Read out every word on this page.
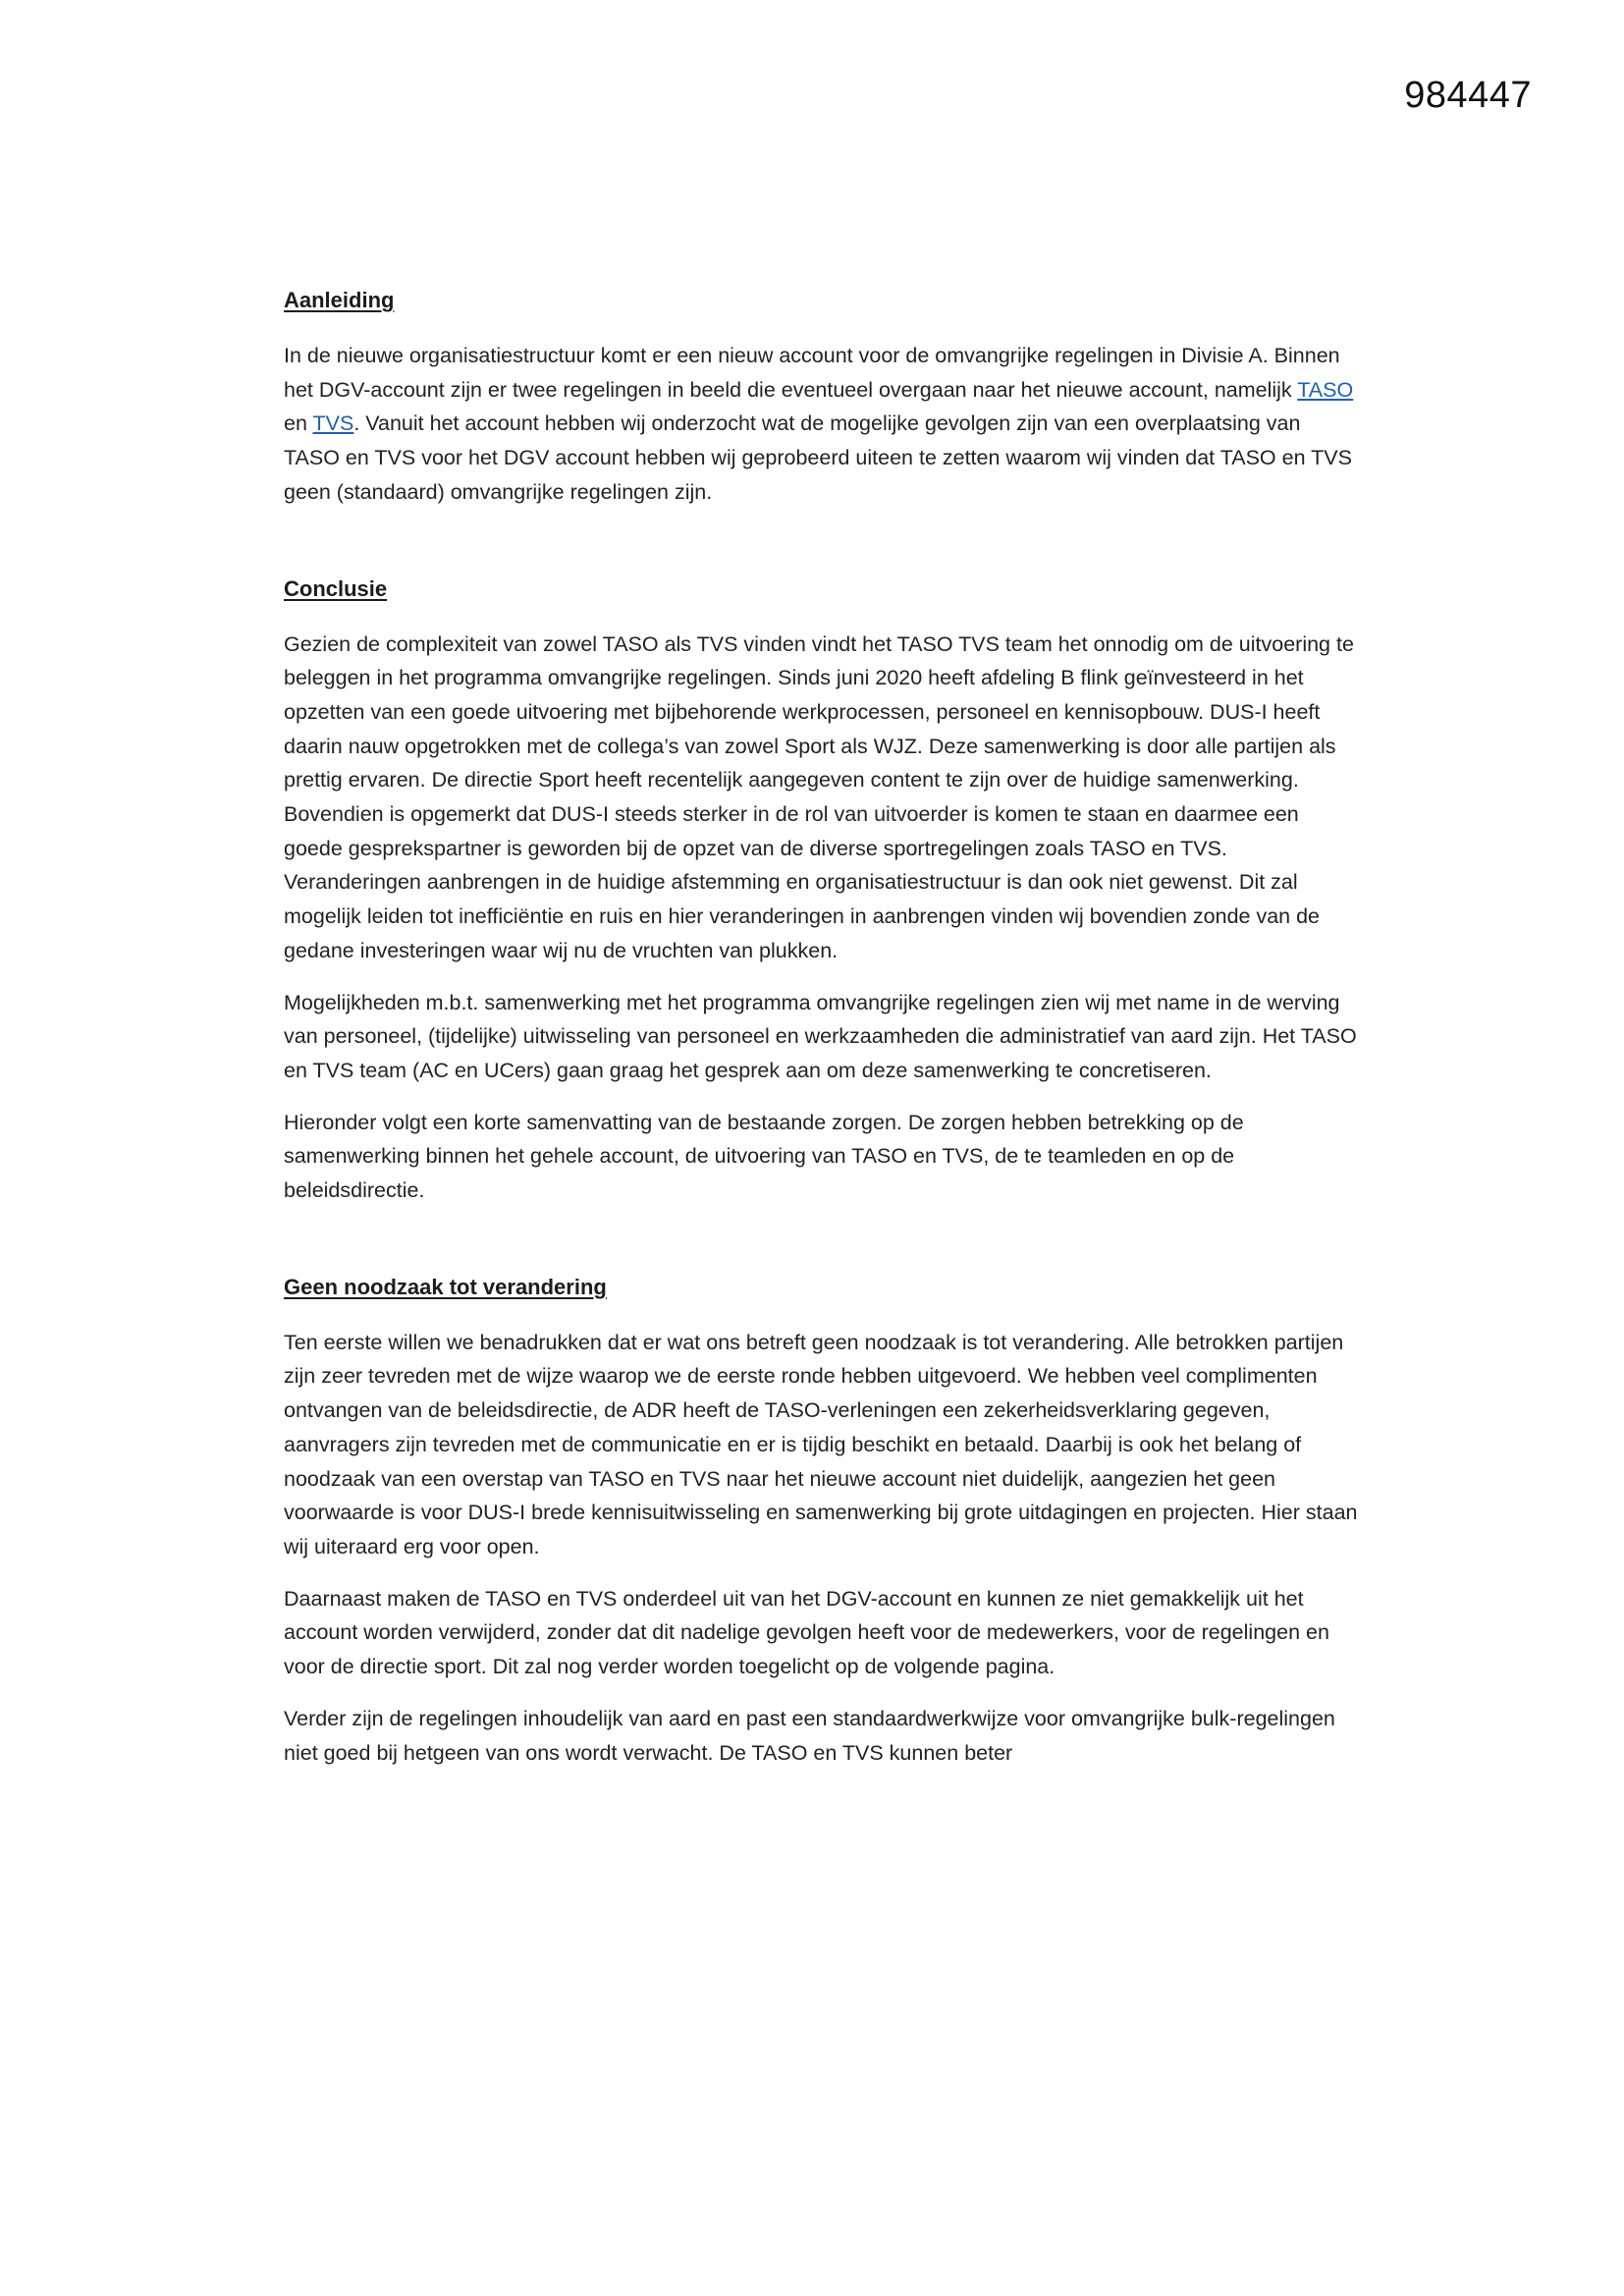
984447
Aanleiding

In de nieuwe organisatiestructuur komt er een nieuw account voor de omvangrijke regelingen in Divisie A. Binnen het DGV-account zijn er twee regelingen in beeld die eventueel overgaan naar het nieuwe account, namelijk TASO en TVS. Vanuit het account hebben wij onderzocht wat de mogelijke gevolgen zijn van een overplaatsing van TASO en TVS voor het DGV account hebben wij geprobeerd uiteen te zetten waarom wij vinden dat TASO en TVS geen (standaard) omvangrijke regelingen zijn.

Conclusie

Gezien de complexiteit van zowel TASO als TVS vinden vindt het TASO TVS team het onnodig om de uitvoering te beleggen in het programma omvangrijke regelingen. Sinds juni 2020 heeft afdeling B flink geïnvesteerd in het opzetten van een goede uitvoering met bijbehorende werkprocessen, personeel en kennisopbouw. DUS-I heeft daarin nauw opgetrokken met de collega’s van zowel Sport als WJZ. Deze samenwerking is door alle partijen als prettig ervaren. De directie Sport heeft recentelijk aangegeven content te zijn over de huidige samenwerking. Bovendien is opgemerkt dat DUS-I steeds sterker in de rol van uitvoerder is komen te staan en daarmee een goede gesprekspartner is geworden bij de opzet van de diverse sportregelingen zoals TASO en TVS. Veranderingen aanbrengen in de huidige afstemming en organisatiestructuur is dan ook niet gewenst. Dit zal mogelijk leiden tot inefficiëntie en ruis en hier veranderingen in aanbrengen vinden wij bovendien zonde van de gedane investeringen waar wij nu de vruchten van plukken.

Mogelijkheden m.b.t. samenwerking met het programma omvangrijke regelingen zien wij met name in de werving van personeel, (tijdelijke) uitwisseling van personeel en werkzaamheden die administratief van aard zijn. Het TASO en TVS team (AC en UCers) gaan graag het gesprek aan om deze samenwerking te concretiseren.

Hieronder volgt een korte samenvatting van de bestaande zorgen. De zorgen hebben betrekking op de samenwerking binnen het gehele account, de uitvoering van TASO en TVS, de te teamleden en op de beleidsdirectie.

Geen noodzaak tot verandering

Ten eerste willen we benadrukken dat er wat ons betreft geen noodzaak is tot verandering. Alle betrokken partijen zijn zeer tevreden met de wijze waarop we de eerste ronde hebben uitgevoerd. We hebben veel complimenten ontvangen van de beleidsdirectie, de ADR heeft de TASO-verleningen een zekerheidsverklaring gegeven, aanvragers zijn tevreden met de communicatie en er is tijdig beschikt en betaald. Daarbij is ook het belang of noodzaak van een overstap van TASO en TVS naar het nieuwe account niet duidelijk, aangezien het geen voorwaarde is voor DUS-I brede kennisuitwisseling en samenwerking bij grote uitdagingen en projecten. Hier staan wij uiteraard erg voor open.

Daarnaast maken de TASO en TVS onderdeel uit van het DGV-account en kunnen ze niet gemakkelijk uit het account worden verwijderd, zonder dat dit nadelige gevolgen heeft voor de medewerkers, voor de regelingen en voor de directie sport. Dit zal nog verder worden toegelicht op de volgende pagina.

Verder zijn de regelingen inhoudelijk van aard en past een standaardwerkwijze voor omvangrijke bulk-regelingen niet goed bij hetgeen van ons wordt verwacht. De TASO en TVS kunnen beter
